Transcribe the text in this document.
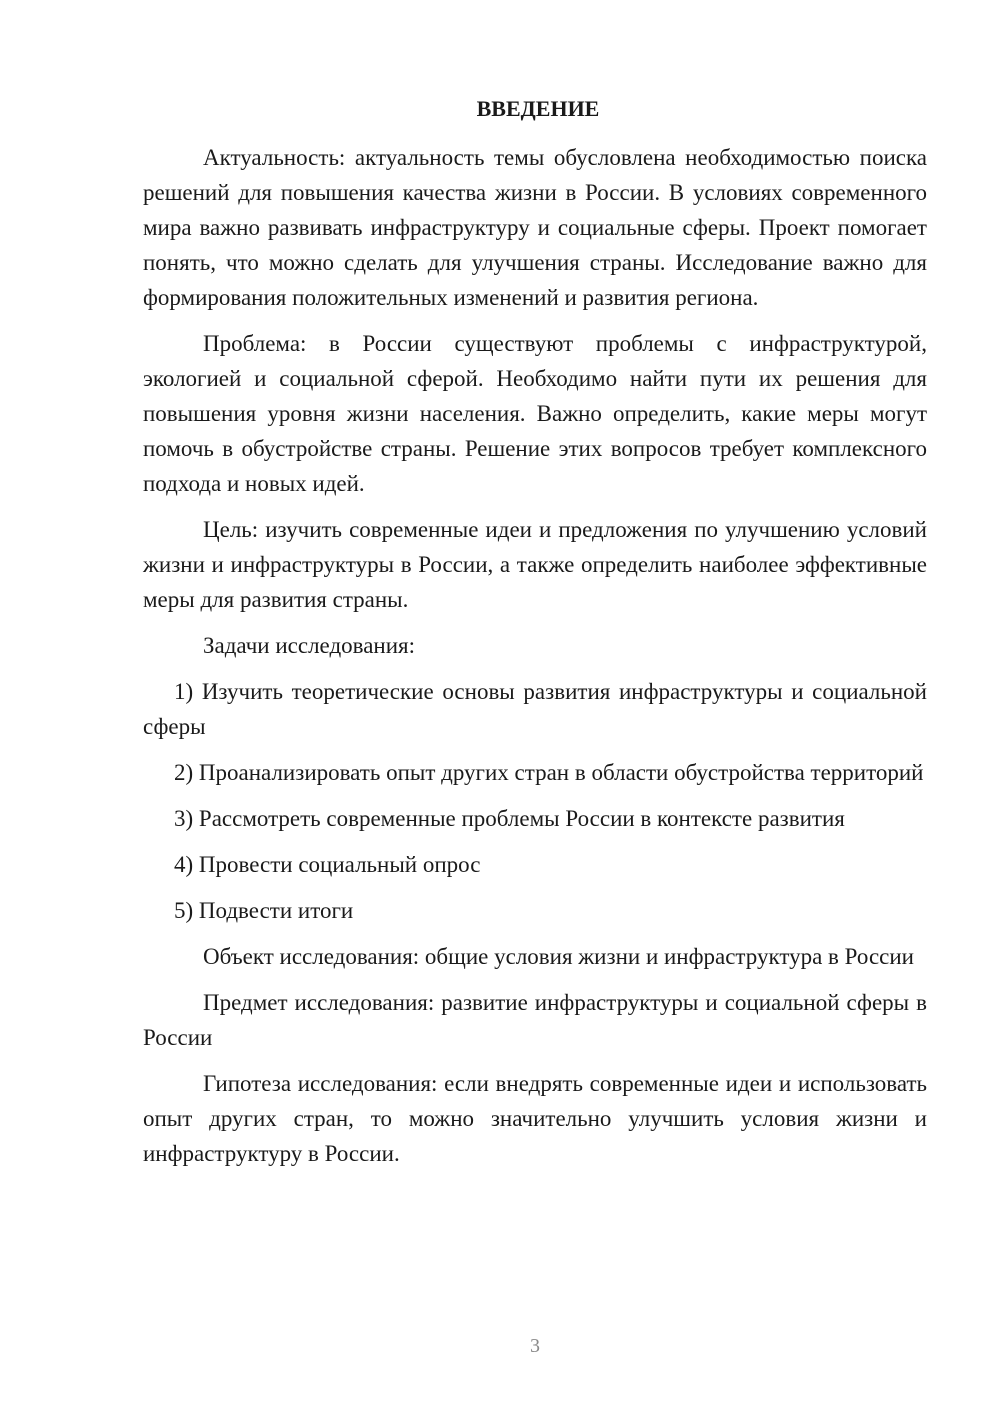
ВВЕДЕНИЕ

Актуальность: актуальность темы обусловлена необходимостью поиска решений для повышения качества жизни в России. В условиях современного мира важно развивать инфраструктуру и социальные сферы. Проект помогает понять, что можно сделать для улучшения страны. Исследование важно для формирования положительных изменений и развития региона.

Проблема: в России существуют проблемы с инфраструктурой, экологией и социальной сферой. Необходимо найти пути их решения для повышения уровня жизни населения. Важно определить, какие меры могут помочь в обустройстве страны. Решение этих вопросов требует комплексного подхода и новых идей.

Цель: изучить современные идеи и предложения по улучшению условий жизни и инфраструктуры в России, а также определить наиболее эффективные меры для развития страны.

Задачи исследования:

1) Изучить теоретические основы развития инфраструктуры и социальной сферы

2) Проанализировать опыт других стран в области обустройства территорий

3) Рассмотреть современные проблемы России в контексте развития

4) Провести социальный опрос

5) Подвести итоги

Объект исследования: общие условия жизни и инфраструктура в России

Предмет исследования: развитие инфраструктуры и социальной сферы в России

Гипотеза исследования: если внедрять современные идеи и использовать опыт других стран, то можно значительно улучшить условия жизни и инфраструктуру в России.

3
